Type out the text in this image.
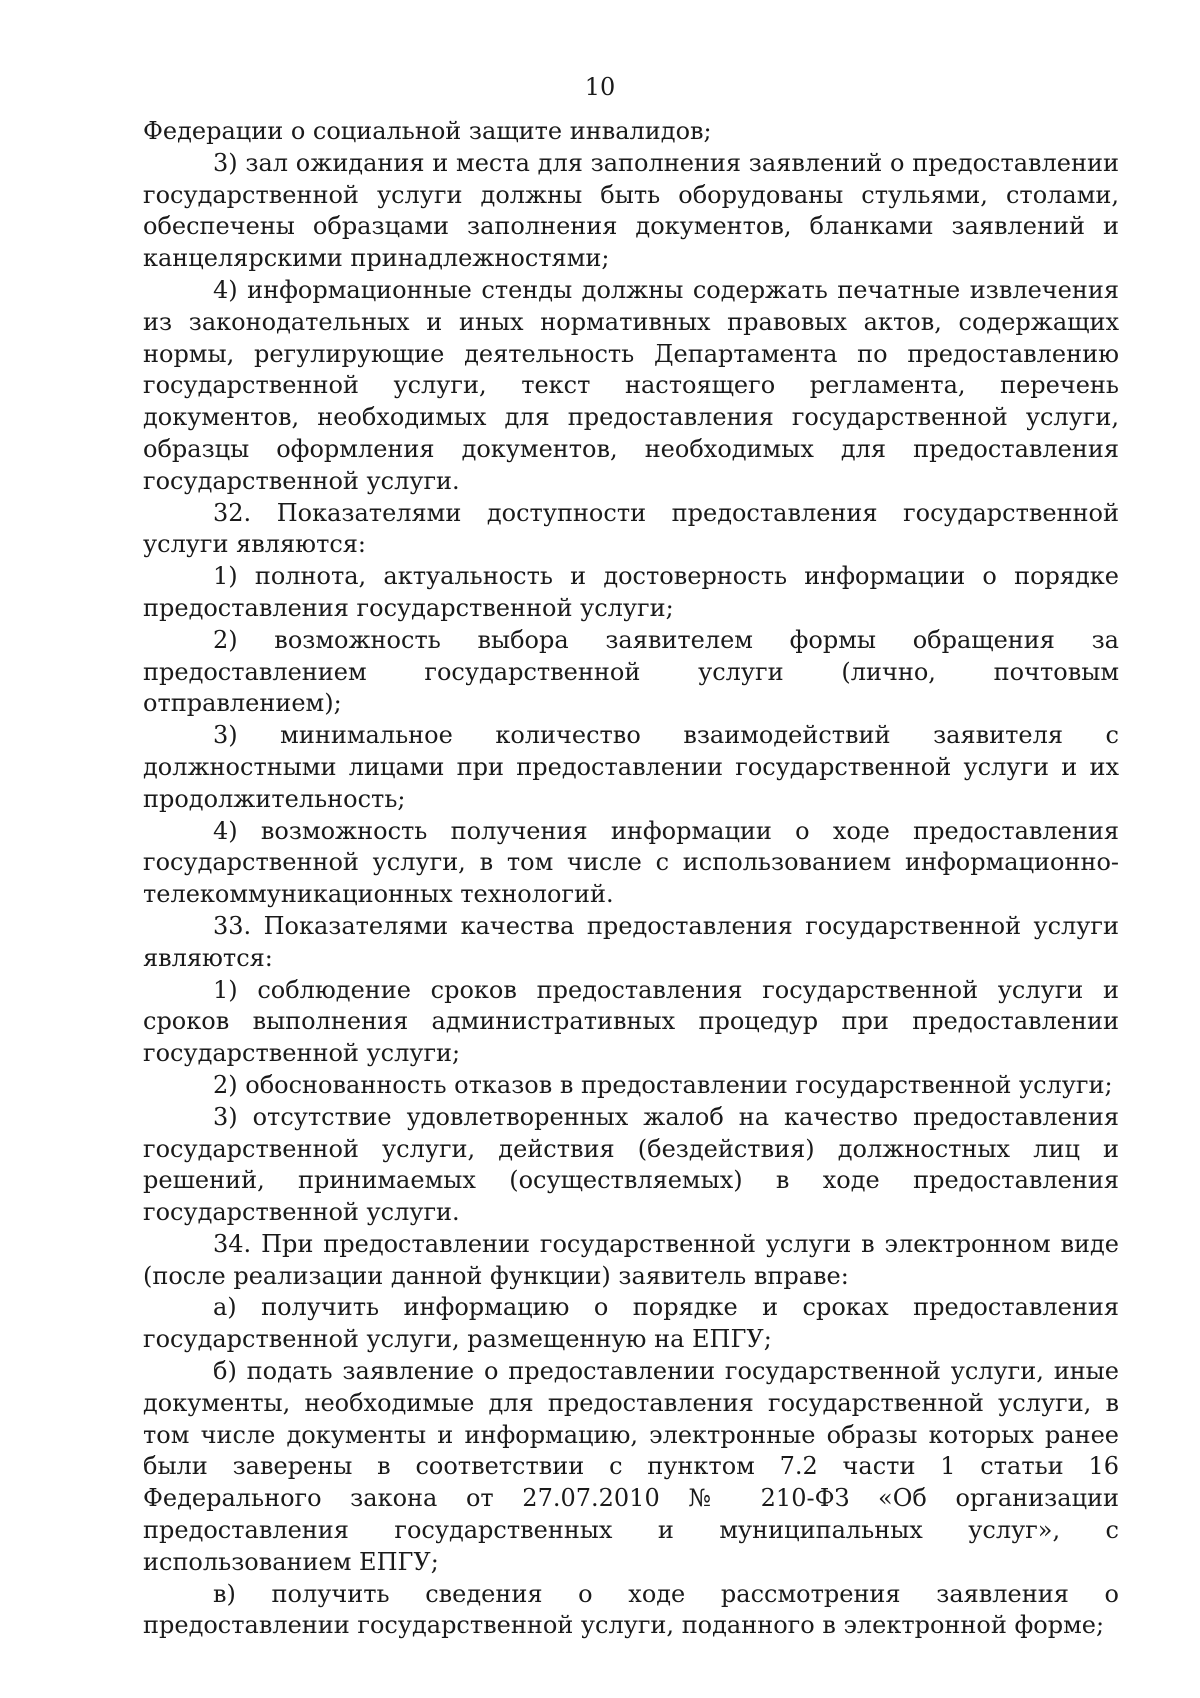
10

Федерации о социальной защите инвалидов;

3) зал ожидания и места для заполнения заявлений о предоставлении государственной услуги должны быть оборудованы стульями, столами, обеспечены образцами заполнения документов, бланками заявлений и канцелярскими принадлежностями;

4) информационные стенды должны содержать печатные извлечения из законодательных и иных нормативных правовых актов, содержащих нормы, регулирующие деятельность Департамента по предоставлению государственной услуги, текст настоящего регламента, перечень документов, необходимых для предоставления государственной услуги, образцы оформления документов, необходимых для предоставления государственной услуги.

32. Показателями доступности предоставления государственной услуги являются:

1) полнота, актуальность и достоверность информации о порядке предоставления государственной услуги;

2) возможность выбора заявителем формы обращения за предоставлением государственной услуги (лично, почтовым отправлением);

3) минимальное количество взаимодействий заявителя с должностными лицами при предоставлении государственной услуги и их продолжительность;

4) возможность получения информации о ходе предоставления государственной услуги, в том числе с использованием информационно-телекоммуникационных технологий.

33. Показателями качества предоставления государственной услуги являются:

1) соблюдение сроков предоставления государственной услуги и сроков выполнения административных процедур при предоставлении государственной услуги;

2) обоснованность отказов в предоставлении государственной услуги;

3) отсутствие удовлетворенных жалоб на качество предоставления государственной услуги, действия (бездействия) должностных лиц и решений, принимаемых (осуществляемых) в ходе предоставления государственной услуги.

34. При предоставлении государственной услуги в электронном виде (после реализации данной функции) заявитель вправе:

а) получить информацию о порядке и сроках предоставления государственной услуги, размещенную на ЕПГУ;

б) подать заявление о предоставлении государственной услуги, иные документы, необходимые для предоставления государственной услуги, в том числе документы и информацию, электронные образы которых ранее были заверены в соответствии с пунктом 7.2 части 1 статьи 16 Федерального закона от 27.07.2010 № 210-ФЗ «Об организации предоставления государственных и муниципальных услуг», с использованием ЕПГУ;

в) получить сведения о ходе рассмотрения заявления о предоставлении государственной услуги, поданного в электронной форме;
